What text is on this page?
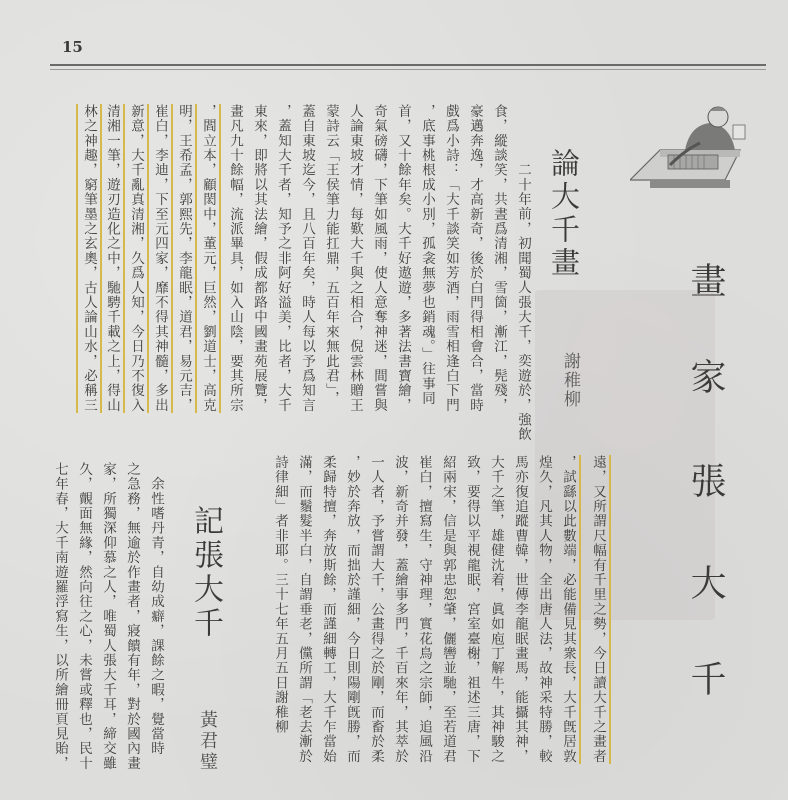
15
論大千畫
謝稚柳
　二十年前，初聞蜀人張大千，奕遊於，強飲
食，縱談笑，共晝爲清湘，雪箇，漸江，髡殘，
豪邁奔逸，才高新奇，後於白門得相會合，當時
戲爲小詩：「大千談笑如芳酒，雨雪相逢白下門
，底事桃根成小別，孤衾無夢也銷魂。」往事同
首，又十餘年矣。大千好遨遊，多著法書寶繪，
奇氣磅礴，下筆如風雨，使人意奪神迷，間嘗與
人論東坡才情，每歎大千與之相合，倪雲林贈王
蒙詩云「王侯筆力能扛鼎，五百年來無此君」，
蓋自東坡迄今，且八百年矣，時人每以予爲知言
，蓋知大千者，知予之非阿好溢美，比者，大千
東來，即將以其法繪，假成都路中國畫苑展覽，
畫凡九十餘幅，流派畢具，如入山陰，要其所宗
，閻立本，顧閎中，董元，巨然，劉道士，高克
明，王希孟，郭熙先，李龍眠，道君，易元吉，
崔白，李迪，下至元四家，靡不得其神髓，多出
新意，大千亂真清湘，久爲人知，今日乃不復入
清湘一筆，遊刃造化之中，馳騁千載之上，得山
林之神趣，窮筆墨之玄奧，古人論山水，必稱三
遠，又所謂尺幅有千里之勢，今日讀大千之畫者
，試繇以此數端，必能備見其衆長，大千旣居敦
煌久，凡其人物，全出唐人法，故神采特勝，較
馬亦復追蹤曹韓，世傳李龍眠畫馬，能攝其神，
大千之筆，雄健沈着，眞如庖丁解牛，其神駿之
致，要得以平視龍眠，宮室臺榭，祖述三唐，下
紹兩宋，信是與郭忠恕肇，儷轡並馳，至若道君
崔白，擅寫生，守神理，實花鳥之宗師，追風沿
波，新奇并發，蓋繪事多門，千百來年，其萃於
一人者，予嘗謂大千，公畫得之於剛，而畜於柔
，妙於奔放，而拙於謹細，今日則陽剛旣勝，而
柔歸特擅，奔放斯餘，而謹細轉工，大千乍當始
滿，而鬚髮半白，自謂垂老，儻所謂「老去漸於
詩律細」者非耶。三十七年五月五日謝稚柳
畫
家
張
大
千
記張大千
黃君璧
　余性嗜丹青，自幼成癖，課餘之暇，覺當時
之急務，無逾於作畫者，寢饋有年，對於國內畫
家，所獨深仰慕之人，唯蜀人張大千耳，締交雖
久，覿面無緣，然向往之心，未嘗或釋也，民十
七年春，大千南遊羅浮寫生，以所繪冊頁見貽，
